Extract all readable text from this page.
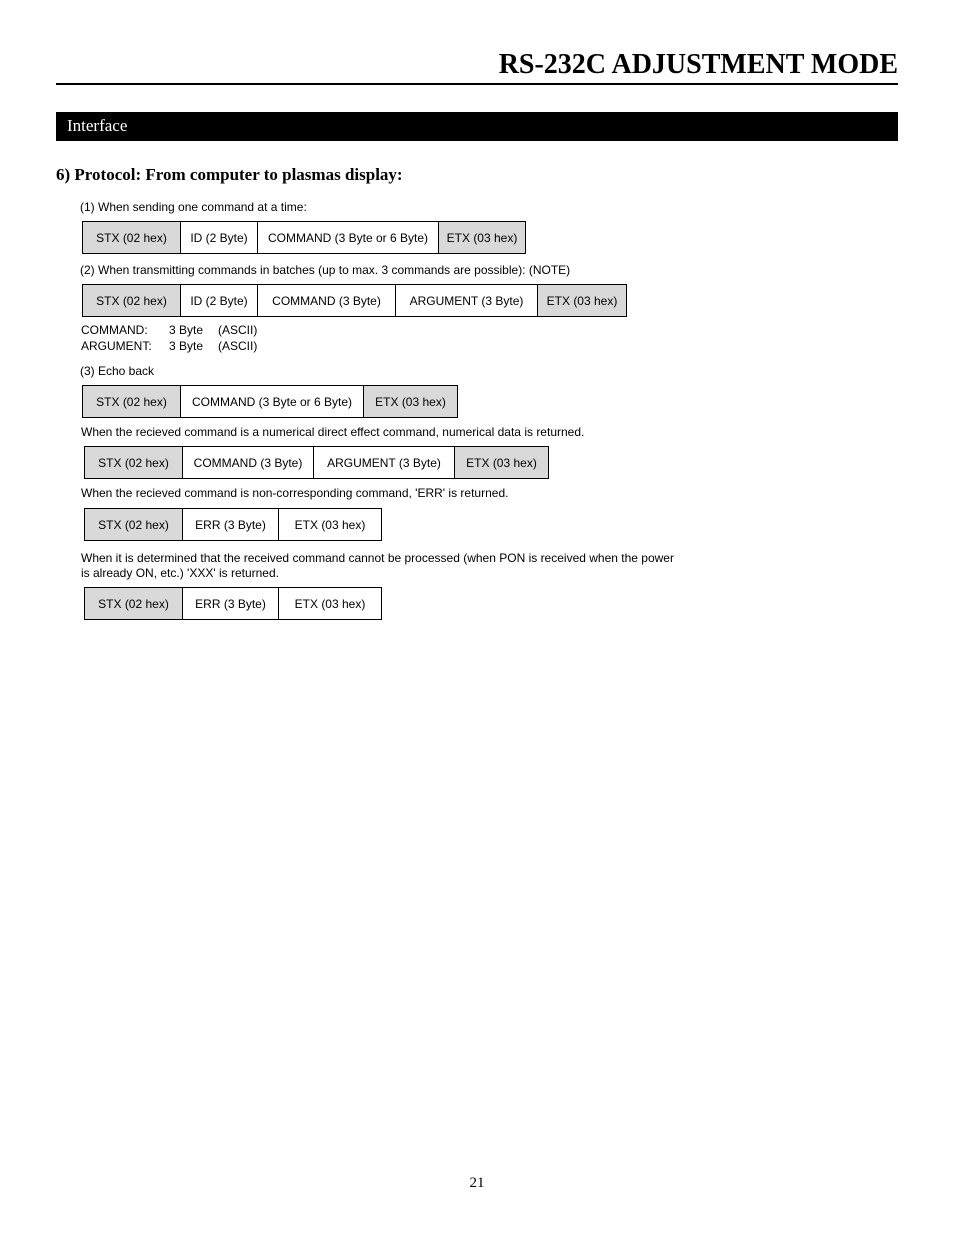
RS-232C ADJUSTMENT MODE
Interface
6) Protocol: From computer to plasmas display:
(1) When sending one command at a time:
STX (02 hex)	ID (2 Byte)	COMMAND (3 Byte or 6 Byte)	ETX (03 hex)
(2) When transmitting commands in batches (up to max. 3 commands are possible): (NOTE)
STX (02 hex)	ID (2 Byte)	COMMAND (3 Byte)	ARGUMENT (3 Byte)	ETX (03 hex)
COMMAND: 3 Byte (ASCII)
ARGUMENT: 3 Byte (ASCII)
(3) Echo back
STX (02 hex)	COMMAND (3 Byte or 6 Byte)	ETX (03 hex)
When the recieved command is a numerical direct effect command, numerical data is returned.
STX (02 hex)	COMMAND (3 Byte)	ARGUMENT (3 Byte)	ETX (03 hex)
When the recieved command is non-corresponding command, 'ERR' is returned.
STX (02 hex)	ERR (3 Byte)	ETX (03 hex)
When it is determined that the received command cannot be processed (when PON is received when the power
is already ON, etc.) 'XXX' is returned.
STX (02 hex)	ERR (3 Byte)	ETX (03 hex)
21
